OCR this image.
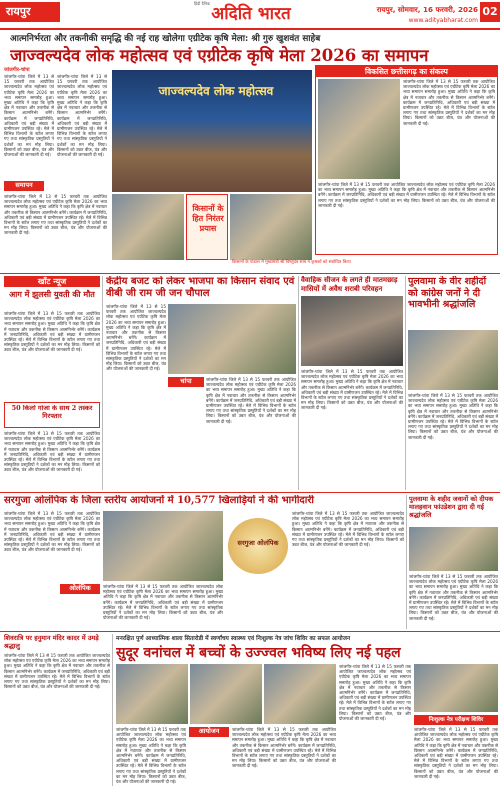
रायपुर
हिंदी दैनिक
अदिति भारत	रायपुर, सोमवार, 16 फरवरी, 2026 02
www.adityabharat.com
आत्मनिर्भरता और तकनीकी समृद्धि की नई राह खोलेगा एग्रीटेक कृषि मेला: श्री गुरु खुशवंत साहेब
जाज्वल्यदेव लोक महोत्सव एवं एग्रीटेक कृषि मेला 2026 का समापन
जांजगीर-चांपा
जांजगीर-चांपा जिले में 13 से 15 फरवरी तक आयोजित जाज्वल्यदेव लोक महोत्सव एवं एग्रीटेक कृषि मेला 2026 का भव्य समापन समारोह हुआ। मुख्य अतिथि ने कहा कि कृषि क्षेत्र में नवाचार और तकनीक से किसान आत्मनिर्भर बनेंगे। कार्यक्रम में जनप्रतिनिधि, अधिकारी एवं बड़ी संख्या में ग्रामीणजन उपस्थित रहे। मेले में विभिन्न विभागों के स्टॉल लगाए गए तथा सांस्कृतिक प्रस्तुतियों ने दर्शकों का मन मोह लिया। किसानों को उन्नत बीज, यंत्र और योजनाओं की जानकारी दी गई।
जांजगीर-चांपा जिले में 13 से 15 फरवरी तक आयोजित जाज्वल्यदेव लोक महोत्सव एवं एग्रीटेक कृषि मेला 2026 का भव्य समापन समारोह हुआ। मुख्य अतिथि ने कहा कि कृषि क्षेत्र में नवाचार और तकनीक से किसान आत्मनिर्भर बनेंगे। कार्यक्रम में जनप्रतिनिधि, अधिकारी एवं बड़ी संख्या में ग्रामीणजन उपस्थित रहे। मेले में विभिन्न विभागों के स्टॉल लगाए गए तथा सांस्कृतिक प्रस्तुतियों ने दर्शकों का मन मोह लिया। किसानों को उन्नत बीज, यंत्र और योजनाओं की जानकारी दी गई।
समापन
जांजगीर-चांपा जिले में 13 से 15 फरवरी तक आयोजित जाज्वल्यदेव लोक महोत्सव एवं एग्रीटेक कृषि मेला 2026 का भव्य समापन समारोह हुआ। मुख्य अतिथि ने कहा कि कृषि क्षेत्र में नवाचार और तकनीक से किसान आत्मनिर्भर बनेंगे। कार्यक्रम में जनप्रतिनिधि, अधिकारी एवं बड़ी संख्या में ग्रामीणजन उपस्थित रहे। मेले में विभिन्न विभागों के स्टॉल लगाए गए तथा सांस्कृतिक प्रस्तुतियों ने दर्शकों का मन मोह लिया। किसानों को उन्नत बीज, यंत्र और योजनाओं की जानकारी दी गई।
जाज्वल्यदेव लोक महोत्सव
किसानों के हित निरंतर प्रयास
विकसित छत्तीसगढ़ का संकल्प
जांजगीर-चांपा जिले में 13 से 15 फरवरी तक आयोजित जाज्वल्यदेव लोक महोत्सव एवं एग्रीटेक कृषि मेला 2026 का भव्य समापन समारोह हुआ। मुख्य अतिथि ने कहा कि कृषि क्षेत्र में नवाचार और तकनीक से किसान आत्मनिर्भर बनेंगे। कार्यक्रम में जनप्रतिनिधि, अधिकारी एवं बड़ी संख्या में ग्रामीणजन उपस्थित रहे। मेले में विभिन्न विभागों के स्टॉल लगाए गए तथा सांस्कृतिक प्रस्तुतियों ने दर्शकों का मन मोह लिया। किसानों को उन्नत बीज, यंत्र और योजनाओं की जानकारी दी गई।
जांजगीर-चांपा जिले में 13 से 15 फरवरी तक आयोजित जाज्वल्यदेव लोक महोत्सव एवं एग्रीटेक कृषि मेला 2026 का भव्य समापन समारोह हुआ। मुख्य अतिथि ने कहा कि कृषि क्षेत्र में नवाचार और तकनीक से किसान आत्मनिर्भर बनेंगे। कार्यक्रम में जनप्रतिनिधि, अधिकारी एवं बड़ी संख्या में ग्रामीणजन उपस्थित रहे। मेले में विभिन्न विभागों के स्टॉल लगाए गए तथा सांस्कृतिक प्रस्तुतियों ने दर्शकों का मन मोह लिया। किसानों को उन्नत बीज, यंत्र और योजनाओं की जानकारी दी गई।
किसानों के पांडाल में मुख्यमंत्री श्री विष्णुदेव साय ने कृषकों को संबोधित किया
खाँट न्यूज
आग में झुलसी युवती की मौत
जांजगीर-चांपा जिले में 13 से 15 फरवरी तक आयोजित जाज्वल्यदेव लोक महोत्सव एवं एग्रीटेक कृषि मेला 2026 का भव्य समापन समारोह हुआ। मुख्य अतिथि ने कहा कि कृषि क्षेत्र में नवाचार और तकनीक से किसान आत्मनिर्भर बनेंगे। कार्यक्रम में जनप्रतिनिधि, अधिकारी एवं बड़ी संख्या में ग्रामीणजन उपस्थित रहे। मेले में विभिन्न विभागों के स्टॉल लगाए गए तथा सांस्कृतिक प्रस्तुतियों ने दर्शकों का मन मोह लिया। किसानों को उन्नत बीज, यंत्र और योजनाओं की जानकारी दी गई।
50 किलो गांजा के साथ 2 तस्कर गिरफ्तार
जांजगीर-चांपा जिले में 13 से 15 फरवरी तक आयोजित जाज्वल्यदेव लोक महोत्सव एवं एग्रीटेक कृषि मेला 2026 का भव्य समापन समारोह हुआ। मुख्य अतिथि ने कहा कि कृषि क्षेत्र में नवाचार और तकनीक से किसान आत्मनिर्भर बनेंगे। कार्यक्रम में जनप्रतिनिधि, अधिकारी एवं बड़ी संख्या में ग्रामीणजन उपस्थित रहे। मेले में विभिन्न विभागों के स्टॉल लगाए गए तथा सांस्कृतिक प्रस्तुतियों ने दर्शकों का मन मोह लिया। किसानों को उन्नत बीज, यंत्र और योजनाओं की जानकारी दी गई।
केंद्रीय बजट को लेकर भाजपा का किसान संवाद एवं वीबी जी राम जी जन चौपाल
जांजगीर-चांपा जिले में 13 से 15 फरवरी तक आयोजित जाज्वल्यदेव लोक महोत्सव एवं एग्रीटेक कृषि मेला 2026 का भव्य समापन समारोह हुआ। मुख्य अतिथि ने कहा कि कृषि क्षेत्र में नवाचार और तकनीक से किसान आत्मनिर्भर बनेंगे। कार्यक्रम में जनप्रतिनिधि, अधिकारी एवं बड़ी संख्या में ग्रामीणजन उपस्थित रहे। मेले में विभिन्न विभागों के स्टॉल लगाए गए तथा सांस्कृतिक प्रस्तुतियों ने दर्शकों का मन मोह लिया। किसानों को उन्नत बीज, यंत्र और योजनाओं की जानकारी दी गई।
चांपा	जांजगीर-चांपा जिले में 13 से 15 फरवरी तक आयोजित जाज्वल्यदेव लोक महोत्सव एवं एग्रीटेक कृषि मेला 2026 का भव्य समापन समारोह हुआ। मुख्य अतिथि ने कहा कि कृषि क्षेत्र में नवाचार और तकनीक से किसान आत्मनिर्भर बनेंगे। कार्यक्रम में जनप्रतिनिधि, अधिकारी एवं बड़ी संख्या में ग्रामीणजन उपस्थित रहे। मेले में विभिन्न विभागों के स्टॉल लगाए गए तथा सांस्कृतिक प्रस्तुतियों ने दर्शकों का मन मोह लिया। किसानों को उन्नत बीज, यंत्र और योजनाओं की जानकारी दी गई।
वैवाहिक सीजन के लगते ही मातमछाड़ मासियों में अवैध शराबी परिवहन
जांजगीर-चांपा जिले में 13 से 15 फरवरी तक आयोजित जाज्वल्यदेव लोक महोत्सव एवं एग्रीटेक कृषि मेला 2026 का भव्य समापन समारोह हुआ। मुख्य अतिथि ने कहा कि कृषि क्षेत्र में नवाचार और तकनीक से किसान आत्मनिर्भर बनेंगे। कार्यक्रम में जनप्रतिनिधि, अधिकारी एवं बड़ी संख्या में ग्रामीणजन उपस्थित रहे। मेले में विभिन्न विभागों के स्टॉल लगाए गए तथा सांस्कृतिक प्रस्तुतियों ने दर्शकों का मन मोह लिया। किसानों को उन्नत बीज, यंत्र और योजनाओं की जानकारी दी गई।
पुलवामा के वीर शहीदों को कांग्रेस जनों ने दी भावभीनी श्रद्धांजलि
जांजगीर-चांपा जिले में 13 से 15 फरवरी तक आयोजित जाज्वल्यदेव लोक महोत्सव एवं एग्रीटेक कृषि मेला 2026 का भव्य समापन समारोह हुआ। मुख्य अतिथि ने कहा कि कृषि क्षेत्र में नवाचार और तकनीक से किसान आत्मनिर्भर बनेंगे। कार्यक्रम में जनप्रतिनिधि, अधिकारी एवं बड़ी संख्या में ग्रामीणजन उपस्थित रहे। मेले में विभिन्न विभागों के स्टॉल लगाए गए तथा सांस्कृतिक प्रस्तुतियों ने दर्शकों का मन मोह लिया। किसानों को उन्नत बीज, यंत्र और योजनाओं की जानकारी दी गई।
सरगुजा ओलंपिक के जिला स्तरीय आयोजनों में 10,577 खिलाड़ियों ने की भागीदारी
जांजगीर-चांपा जिले में 13 से 15 फरवरी तक आयोजित जाज्वल्यदेव लोक महोत्सव एवं एग्रीटेक कृषि मेला 2026 का भव्य समापन समारोह हुआ। मुख्य अतिथि ने कहा कि कृषि क्षेत्र में नवाचार और तकनीक से किसान आत्मनिर्भर बनेंगे। कार्यक्रम में जनप्रतिनिधि, अधिकारी एवं बड़ी संख्या में ग्रामीणजन उपस्थित रहे। मेले में विभिन्न विभागों के स्टॉल लगाए गए तथा सांस्कृतिक प्रस्तुतियों ने दर्शकों का मन मोह लिया। किसानों को उन्नत बीज, यंत्र और योजनाओं की जानकारी दी गई।
ओलंपिक	जांजगीर-चांपा जिले में 13 से 15 फरवरी तक आयोजित जाज्वल्यदेव लोक महोत्सव एवं एग्रीटेक कृषि मेला 2026 का भव्य समापन समारोह हुआ। मुख्य अतिथि ने कहा कि कृषि क्षेत्र में नवाचार और तकनीक से किसान आत्मनिर्भर बनेंगे। कार्यक्रम में जनप्रतिनिधि, अधिकारी एवं बड़ी संख्या में ग्रामीणजन उपस्थित रहे। मेले में विभिन्न विभागों के स्टॉल लगाए गए तथा सांस्कृतिक प्रस्तुतियों ने दर्शकों का मन मोह लिया। किसानों को उन्नत बीज, यंत्र और योजनाओं की जानकारी दी गई।
सरगुजा ओलंपिक
जांजगीर-चांपा जिले में 13 से 15 फरवरी तक आयोजित जाज्वल्यदेव लोक महोत्सव एवं एग्रीटेक कृषि मेला 2026 का भव्य समापन समारोह हुआ। मुख्य अतिथि ने कहा कि कृषि क्षेत्र में नवाचार और तकनीक से किसान आत्मनिर्भर बनेंगे। कार्यक्रम में जनप्रतिनिधि, अधिकारी एवं बड़ी संख्या में ग्रामीणजन उपस्थित रहे। मेले में विभिन्न विभागों के स्टॉल लगाए गए तथा सांस्कृतिक प्रस्तुतियों ने दर्शकों का मन मोह लिया। किसानों को उन्नत बीज, यंत्र और योजनाओं की जानकारी दी गई।
पुलवामा के शहीद जवानों को दीपक मालहवान फांउडेशन द्वारा दी गई श्रद्धांजलि
जांजगीर-चांपा जिले में 13 से 15 फरवरी तक आयोजित जाज्वल्यदेव लोक महोत्सव एवं एग्रीटेक कृषि मेला 2026 का भव्य समापन समारोह हुआ। मुख्य अतिथि ने कहा कि कृषि क्षेत्र में नवाचार और तकनीक से किसान आत्मनिर्भर बनेंगे। कार्यक्रम में जनप्रतिनिधि, अधिकारी एवं बड़ी संख्या में ग्रामीणजन उपस्थित रहे। मेले में विभिन्न विभागों के स्टॉल लगाए गए तथा सांस्कृतिक प्रस्तुतियों ने दर्शकों का मन मोह लिया। किसानों को उन्नत बीज, यंत्र और योजनाओं की जानकारी दी गई।
शिवरात्रि पर हनुमान मंदिर कादर में उमड़े श्रद्धालु
जांजगीर-चांपा जिले में 13 से 15 फरवरी तक आयोजित जाज्वल्यदेव लोक महोत्सव एवं एग्रीटेक कृषि मेला 2026 का भव्य समापन समारोह हुआ। मुख्य अतिथि ने कहा कि कृषि क्षेत्र में नवाचार और तकनीक से किसान आत्मनिर्भर बनेंगे। कार्यक्रम में जनप्रतिनिधि, अधिकारी एवं बड़ी संख्या में ग्रामीणजन उपस्थित रहे। मेले में विभिन्न विभागों के स्टॉल लगाए गए तथा सांस्कृतिक प्रस्तुतियों ने दर्शकों का मन मोह लिया। किसानों को उन्नत बीज, यंत्र और योजनाओं की जानकारी दी गई।
मनरक्षित पुर्ण आध्यात्मिक शाला सितारोडी में स्वर्णांचय स्वास्थ्य एवं निःशुल्क नेत्र जांच शिविर का सफल आयोजन
सुदूर वनांचल में बच्चों के उज्ज्वल भविष्य लिए नई पहल
आयोजन
जांजगीर-चांपा जिले में 13 से 15 फरवरी तक आयोजित जाज्वल्यदेव लोक महोत्सव एवं एग्रीटेक कृषि मेला 2026 का भव्य समापन समारोह हुआ। मुख्य अतिथि ने कहा कि कृषि क्षेत्र में नवाचार और तकनीक से किसान आत्मनिर्भर बनेंगे। कार्यक्रम में जनप्रतिनिधि, अधिकारी एवं बड़ी संख्या में ग्रामीणजन उपस्थित रहे। मेले में विभिन्न विभागों के स्टॉल लगाए गए तथा सांस्कृतिक प्रस्तुतियों ने दर्शकों का मन मोह लिया। किसानों को उन्नत बीज, यंत्र और योजनाओं की जानकारी दी गई।
जांजगीर-चांपा जिले में 13 से 15 फरवरी तक आयोजित जाज्वल्यदेव लोक महोत्सव एवं एग्रीटेक कृषि मेला 2026 का भव्य समापन समारोह हुआ। मुख्य अतिथि ने कहा कि कृषि क्षेत्र में नवाचार और तकनीक से किसान आत्मनिर्भर बनेंगे। कार्यक्रम में जनप्रतिनिधि, अधिकारी एवं बड़ी संख्या में ग्रामीणजन उपस्थित रहे। मेले में विभिन्न विभागों के स्टॉल लगाए गए तथा सांस्कृतिक प्रस्तुतियों ने दर्शकों का मन मोह लिया। किसानों को उन्नत बीज, यंत्र और योजनाओं की जानकारी दी गई।
जांजगीर-चांपा जिले में 13 से 15 फरवरी तक आयोजित जाज्वल्यदेव लोक महोत्सव एवं एग्रीटेक कृषि मेला 2026 का भव्य समापन समारोह हुआ। मुख्य अतिथि ने कहा कि कृषि क्षेत्र में नवाचार और तकनीक से किसान आत्मनिर्भर बनेंगे। कार्यक्रम में जनप्रतिनिधि, अधिकारी एवं बड़ी संख्या में ग्रामीणजन उपस्थित रहे। मेले में विभिन्न विभागों के स्टॉल लगाए गए तथा सांस्कृतिक प्रस्तुतियों ने दर्शकों का मन मोह लिया। किसानों को उन्नत बीज, यंत्र और योजनाओं की जानकारी दी गई।	निःशुल्क नेत्र परीक्षण शिविर
जांजगीर-चांपा जिले में 13 से 15 फरवरी तक आयोजित जाज्वल्यदेव लोक महोत्सव एवं एग्रीटेक कृषि मेला 2026 का भव्य समापन समारोह हुआ। मुख्य अतिथि ने कहा कि कृषि क्षेत्र में नवाचार और तकनीक से किसान आत्मनिर्भर बनेंगे। कार्यक्रम में जनप्रतिनिधि, अधिकारी एवं बड़ी संख्या में ग्रामीणजन उपस्थित रहे। मेले में विभिन्न विभागों के स्टॉल लगाए गए तथा सांस्कृतिक प्रस्तुतियों ने दर्शकों का मन मोह लिया। किसानों को उन्नत बीज, यंत्र और योजनाओं की जानकारी दी गई।
